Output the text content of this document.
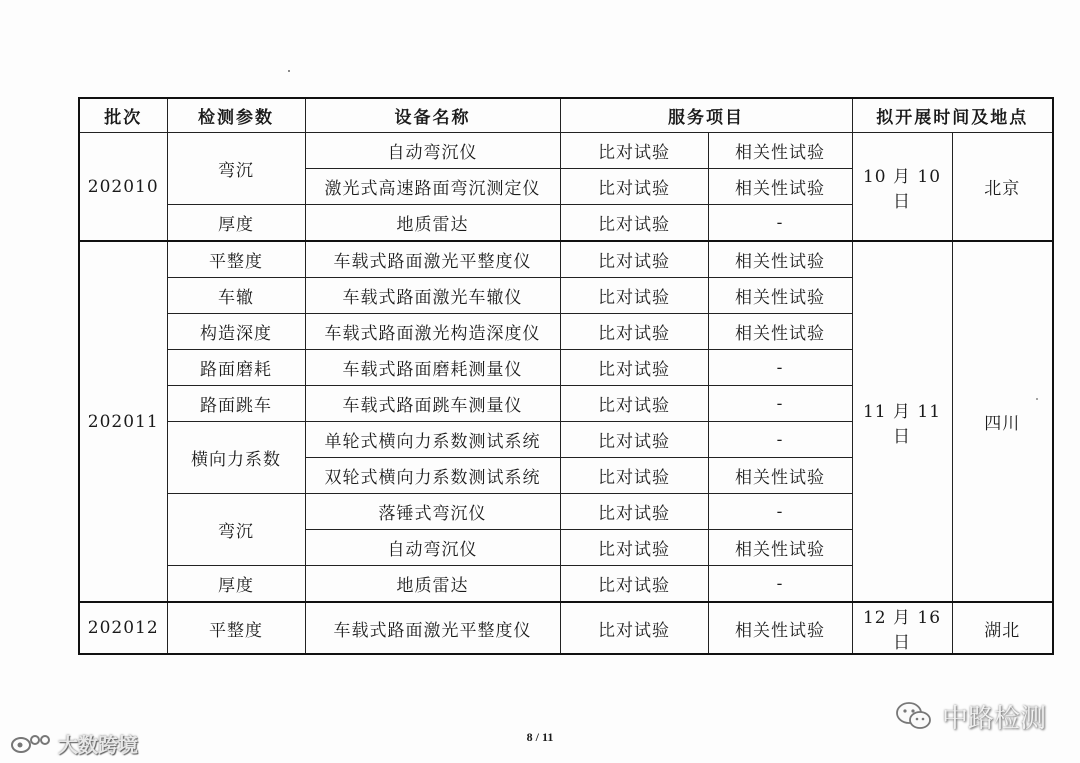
批次	检测参数	设备名称	服务项目		拟开展时间及地点	
202010	弯沉	自动弯沉仪	比对试验	相关性试验	10 月 10 日	北京
		激光式高速路面弯沉测定仪	比对试验	相关性试验		
	厚度	地质雷达	比对试验	-		
202011	平整度	车载式路面激光平整度仪	比对试验	相关性试验	11 月 11 日	四川
	车辙	车载式路面激光车辙仪	比对试验	相关性试验		
	构造深度	车载式路面激光构造深度仪	比对试验	相关性试验		
	路面磨耗	车载式路面磨耗测量仪	比对试验	-		
	路面跳车	车载式路面跳车测量仪	比对试验	-		
	横向力系数	单轮式横向力系数测试系统	比对试验	-		
		双轮式横向力系数测试系统	比对试验	相关性试验		
	弯沉	落锤式弯沉仪	比对试验	-		
		自动弯沉仪	比对试验	相关性试验		
	厚度	地质雷达	比对试验	-		
202012	平整度	车载式路面激光平整度仪	比对试验	相关性试验	12 月 16 日	湖北
8 / 11
大数跨境
中路检测
